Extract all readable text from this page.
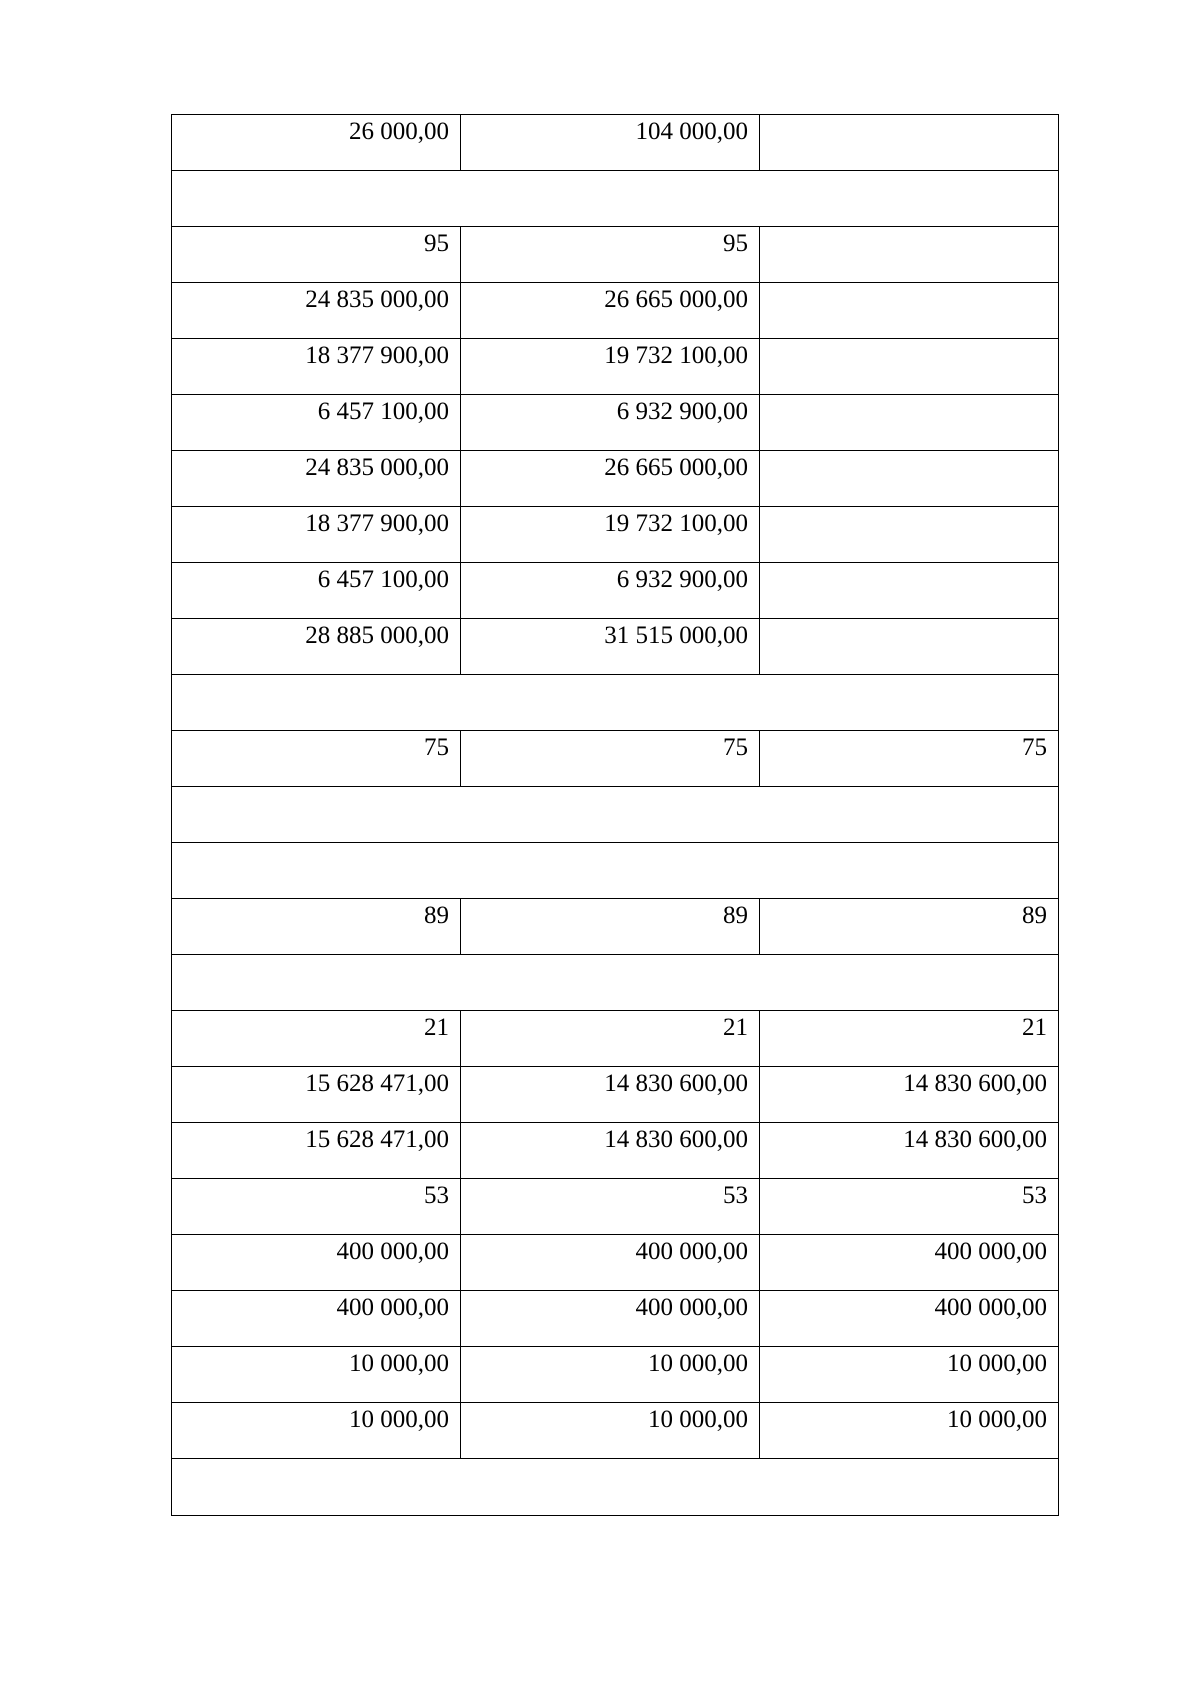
26 000,00	104 000,00	

95	95	
24 835 000,00	26 665 000,00	
18 377 900,00	19 732 100,00	
6 457 100,00	6 932 900,00	
24 835 000,00	26 665 000,00	
18 377 900,00	19 732 100,00	
6 457 100,00	6 932 900,00	
28 885 000,00	31 515 000,00	

75	75	75

89	89	89

21	21	21
15 628 471,00	14 830 600,00	14 830 600,00
15 628 471,00	14 830 600,00	14 830 600,00
53	53	53
400 000,00	400 000,00	400 000,00
400 000,00	400 000,00	400 000,00
10 000,00	10 000,00	10 000,00
10 000,00	10 000,00	10 000,00
